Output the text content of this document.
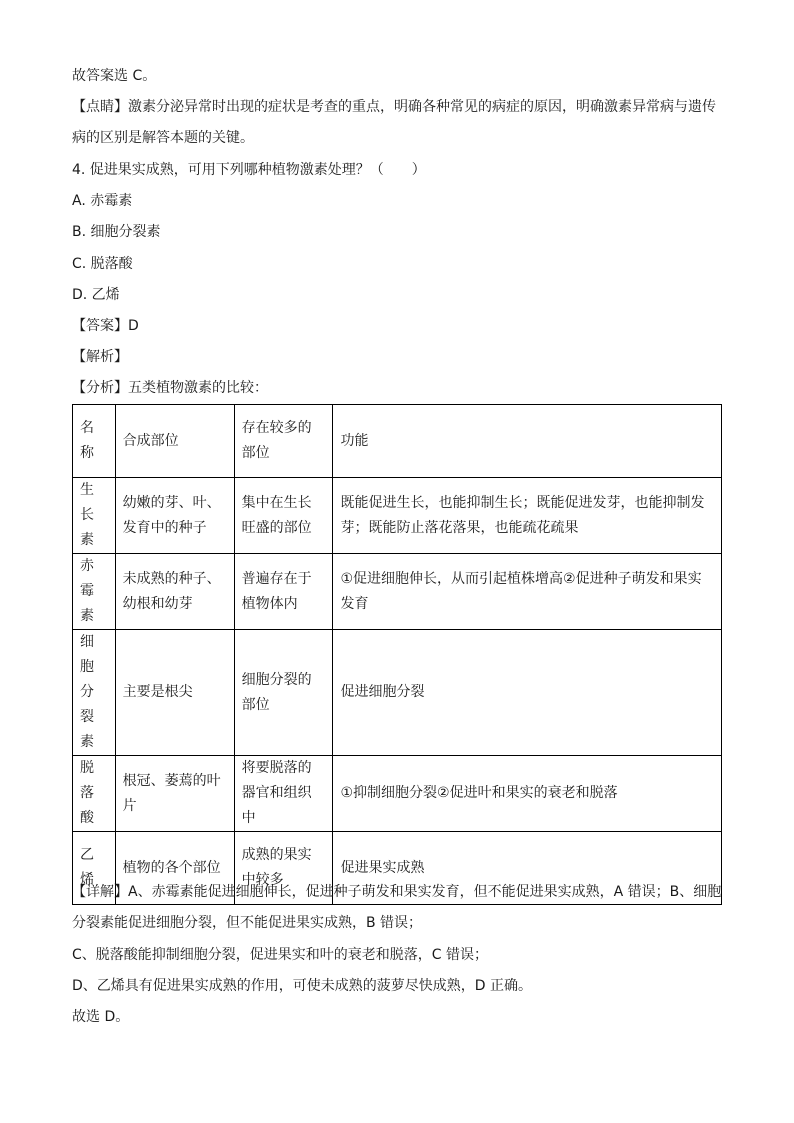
故答案选 C。
【点睛】激素分泌异常时出现的症状是考查的重点，明确各种常见的病症的原因，明确激素异常病与遗传病的区别是解答本题的关键。
4. 促进果实成熟，可用下列哪种植物激素处理？（　　）
A. 赤霉素
B. 细胞分裂素
C. 脱落酸
D. 乙烯
【答案】D
【解析】
【分析】五类植物激素的比较：
名称	合成部位	存在较多的部位	功能
生长素	幼嫩的芽、叶、发育中的种子	集中在生长旺盛的部位	既能促进生长，也能抑制生长；既能促进发芽，也能抑制发芽；既能防止落花落果，也能疏花疏果
赤霉素	未成熟的种子、幼根和幼芽	普遍存在于植物体内	①促进细胞伸长，从而引起植株增高②促进种子萌发和果实发育
细胞分裂素	主要是根尖	细胞分裂的部位	促进细胞分裂
脱落酸	根冠、萎蔫的叶片	将要脱落的器官和组织中	①抑制细胞分裂②促进叶和果实的衰老和脱落
乙烯	植物的各个部位	成熟的果实中较多	促进果实成熟
【详解】A、赤霉素能促进细胞伸长，促进种子萌发和果实发育，但不能促进果实成熟，A 错误；B、细胞分裂素能促进细胞分裂，但不能促进果实成熟，B 错误；
C、脱落酸能抑制细胞分裂，促进果实和叶的衰老和脱落，C 错误；
D、乙烯具有促进果实成熟的作用，可使未成熟的菠萝尽快成熟，D 正确。
故选 D。
